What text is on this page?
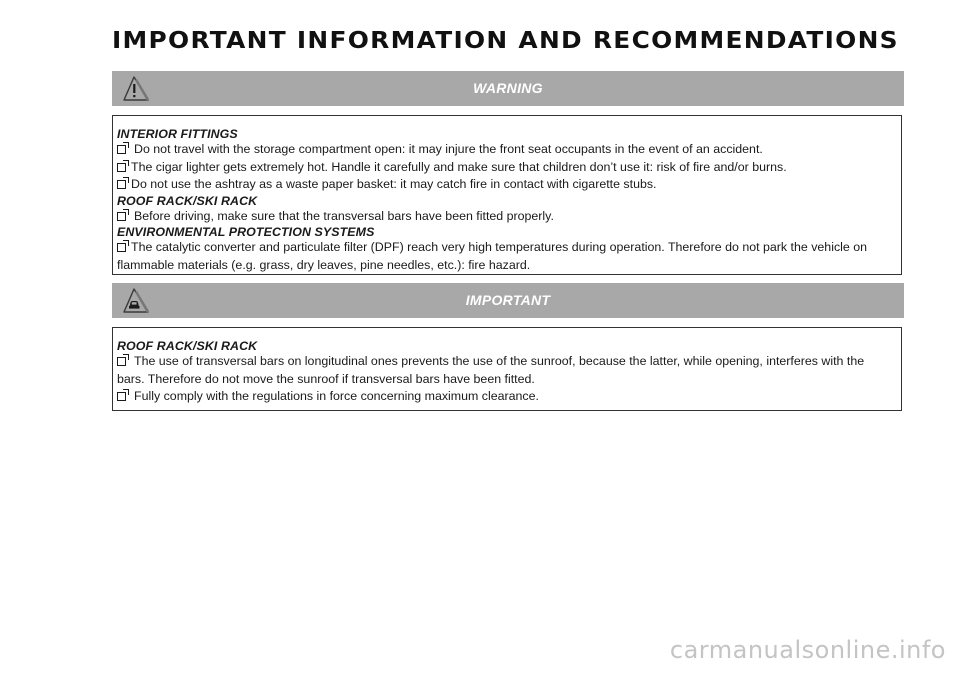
IMPORTANT INFORMATION AND RECOMMENDATIONS
WARNING
INTERIOR FITTINGS
Do not travel with the storage compartment open: it may injure the front seat occupants in the event of an accident.
The cigar lighter gets extremely hot. Handle it carefully and make sure that children don’t use it: risk of fire and/or burns.
Do not use the ashtray as a waste paper basket: it may catch fire in contact with cigarette stubs.
ROOF RACK/SKI RACK
Before driving, make sure that the transversal bars have been fitted properly.
ENVIRONMENTAL PROTECTION SYSTEMS
The catalytic converter and particulate filter (DPF) reach very high temperatures during operation. Therefore do not park the vehicle on flammable materials (e.g. grass, dry leaves, pine needles, etc.): fire hazard.
IMPORTANT
ROOF RACK/SKI RACK
The use of transversal bars on longitudinal ones prevents the use of the sunroof, because the latter, while opening, interferes with the bars. Therefore do not move the sunroof if transversal bars have been fitted.
Fully comply with the regulations in force concerning maximum clearance.
carmanualsonline.info
